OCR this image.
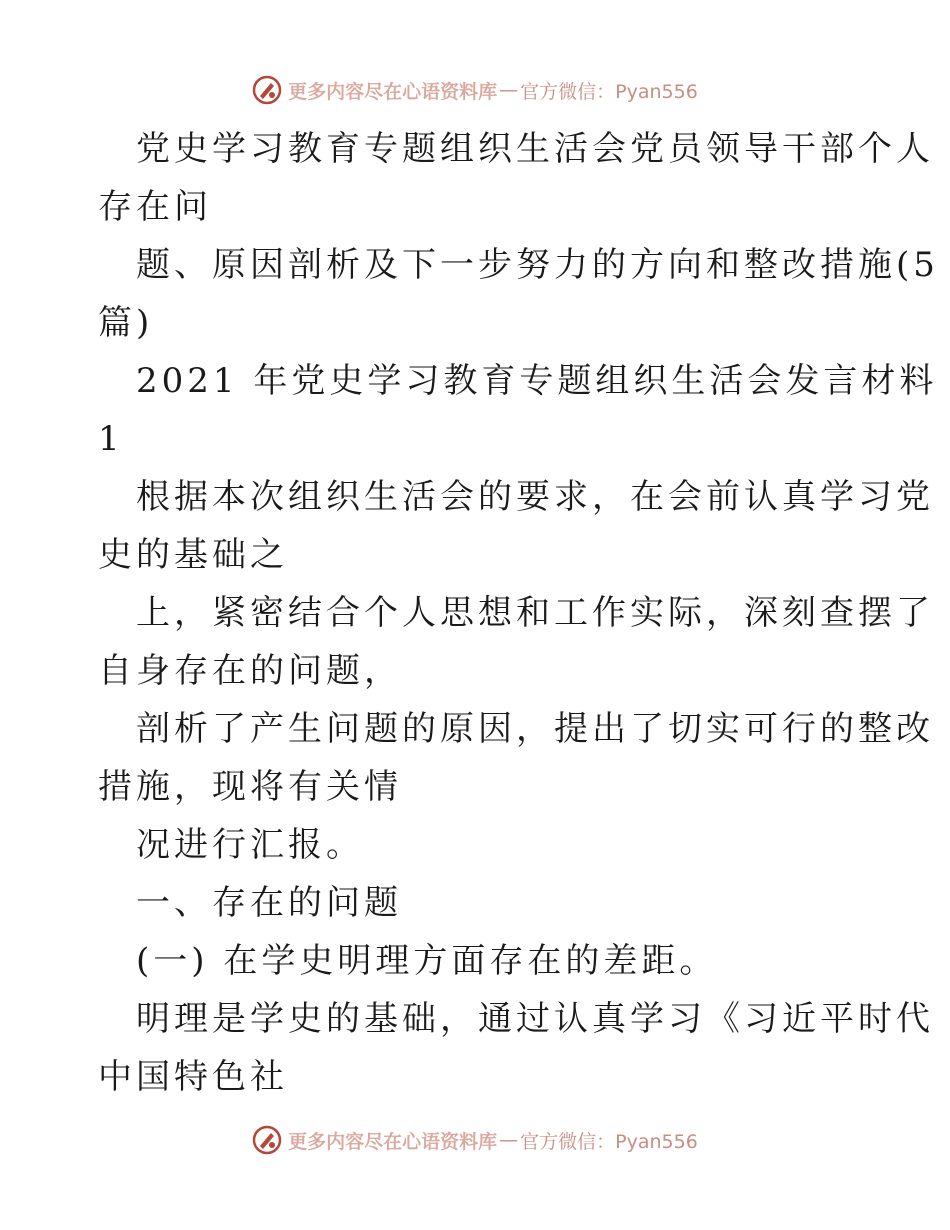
更多内容尽在心语资料库 — 官方微信：Pyan556
党史学习教育专题组织生活会党员领导干部个人
存在问
题、原因剖析及下一步努力的方向和整改措施(5
篇)
2021 年党史学习教育专题组织生活会发言材料
1
根据本次组织生活会的要求，在会前认真学习党
史的基础之
上，紧密结合个人思想和工作实际，深刻查摆了
自身存在的问题，
剖析了产生问题的原因，提出了切实可行的整改
措施，现将有关情
况进行汇报。
一、存在的问题
(一) 在学史明理方面存在的差距。
明理是学史的基础，通过认真学习《习近平时代
中国特色社
更多内容尽在心语资料库 — 官方微信：Pyan556
